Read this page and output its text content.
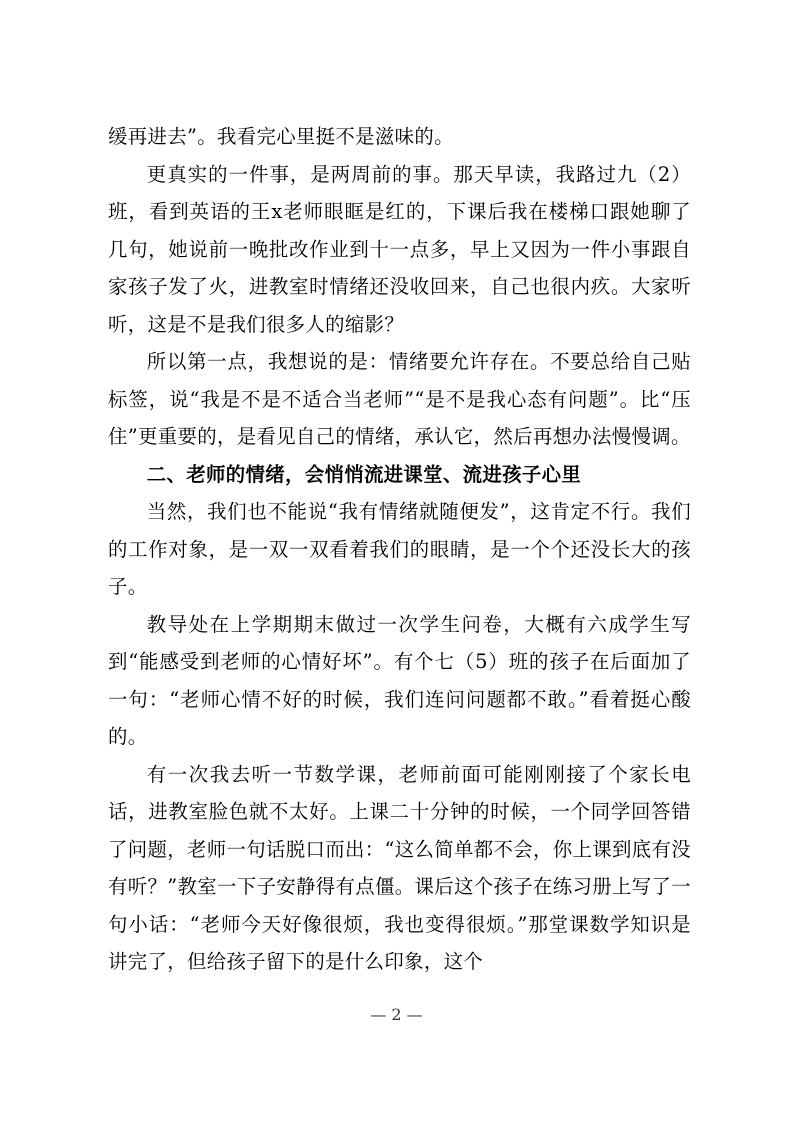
缓再进去”。我看完心里挺不是滋味的。

更真实的一件事，是两周前的事。那天早读，我路过九（2）班，看到英语的王x老师眼眶是红的，下课后我在楼梯口跟她聊了几句，她说前一晚批改作业到十一点多，早上又因为一件小事跟自家孩子发了火，进教室时情绪还没收回来，自己也很内疚。大家听听，这是不是我们很多人的缩影？

所以第一点，我想说的是：情绪要允许存在。不要总给自己贴标签，说“我是不是不适合当老师”“是不是我心态有问题”。比“压住”更重要的，是看见自己的情绪，承认它，然后再想办法慢慢调。

二、老师的情绪，会悄悄流进课堂、流进孩子心里

当然，我们也不能说“我有情绪就随便发”，这肯定不行。我们的工作对象，是一双一双看着我们的眼睛，是一个个还没长大的孩子。

教导处在上学期期末做过一次学生问卷，大概有六成学生写到“能感受到老师的心情好坏”。有个七（5）班的孩子在后面加了一句：“老师心情不好的时候，我们连问问题都不敢。”看着挺心酸的。

有一次我去听一节数学课，老师前面可能刚刚接了个家长电话，进教室脸色就不太好。上课二十分钟的时候，一个同学回答错了问题，老师一句话脱口而出：“这么简单都不会，你上课到底有没有听？”教室一下子安静得有点僵。课后这个孩子在练习册上写了一句小话：“老师今天好像很烦，我也变得很烦。”那堂课数学知识是讲完了，但给孩子留下的是什么印象，这个

— 2 —
